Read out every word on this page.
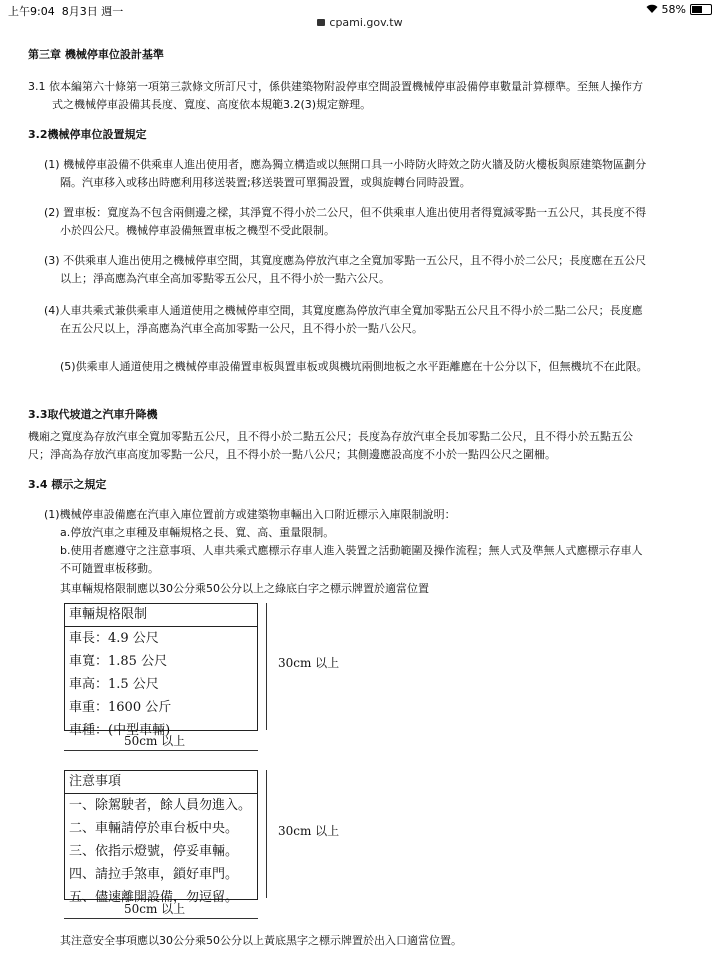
上午9:04 8月3日 週一	58%
cpami.gov.tw
第三章 機械停車位設計基準
3.1 依本編第六十條第一項第三款條文所訂尺寸，係供建築物附設停車空間設置機械停車設備停車數量計算標準。至無人操作方
式之機械停車設備其長度、寬度、高度依本規範3.2(3)規定辦理。
3.2機械停車位設置規定
(1) 機械停車設備不供乘車人進出使用者，應為獨立構造或以無開口具一小時防火時效之防火牆及防火樓板與原建築物區劃分
隔。汽車移入或移出時應利用移送裝置;移送裝置可單獨設置，或與旋轉台同時設置。
(2) 置車板：寬度為不包含兩側邊之樑，其淨寬不得小於二公尺，但不供乘車人進出使用者得寬減零點一五公尺，其長度不得
小於四公尺。機械停車設備無置車板之機型不受此限制。
(3) 不供乘車人進出使用之機械停車空間，其寬度應為停放汽車之全寬加零點一五公尺，且不得小於二公尺；長度應在五公尺
以上；淨高應為汽車全高加零點零五公尺，且不得小於一點六公尺。
(4)人車共乘式兼供乘車人通道使用之機械停車空間，其寬度應為停放汽車全寬加零點五公尺且不得小於二點二公尺；長度應
在五公尺以上，淨高應為汽車全高加零點一公尺，且不得小於一點八公尺。
(5)供乘車人通道使用之機械停車設備置車板與置車板或與機坑兩側地板之水平距離應在十公分以下，但無機坑不在此限。
3.3取代坡道之汽車升降機
機廂之寬度為存放汽車全寬加零點五公尺，且不得小於二點五公尺；長度為存放汽車全長加零點二公尺，且不得小於五點五公
尺；淨高為存放汽車高度加零點一公尺，且不得小於一點八公尺；其側邊應設高度不小於一點四公尺之圍柵。
3.4 標示之規定
(1)機械停車設備應在汽車入庫位置前方或建築物車輛出入口附近標示入庫限制說明：
a.停放汽車之車種及車輛規格之長、寬、高、重量限制。
b.使用者應遵守之注意事項、人車共乘式應標示存車人進入裝置之活動範圍及操作流程；無人式及準無人式應標示存車人
不可隨置車板移動。
其車輛規格限制應以30公分乘50公分以上之綠底白字之標示牌置於適當位置
車輛規格限制
車長：4.9 公尺
車寬：1.85 公尺
車高：1.5 公尺
車重：1600 公斤
車種：(中型車輛)
30cm 以上
50cm 以上
注意事項
一、除駕駛者，餘人員勿進入。
二、車輛請停於車台板中央。
三、依指示燈號，停妥車輛。
四、請拉手煞車，鎖好車門。
五、儘速離開設備，勿逗留。
30cm 以上
50cm 以上
其注意安全事項應以30公分乘50公分以上黃底黑字之標示牌置於出入口適當位置。
